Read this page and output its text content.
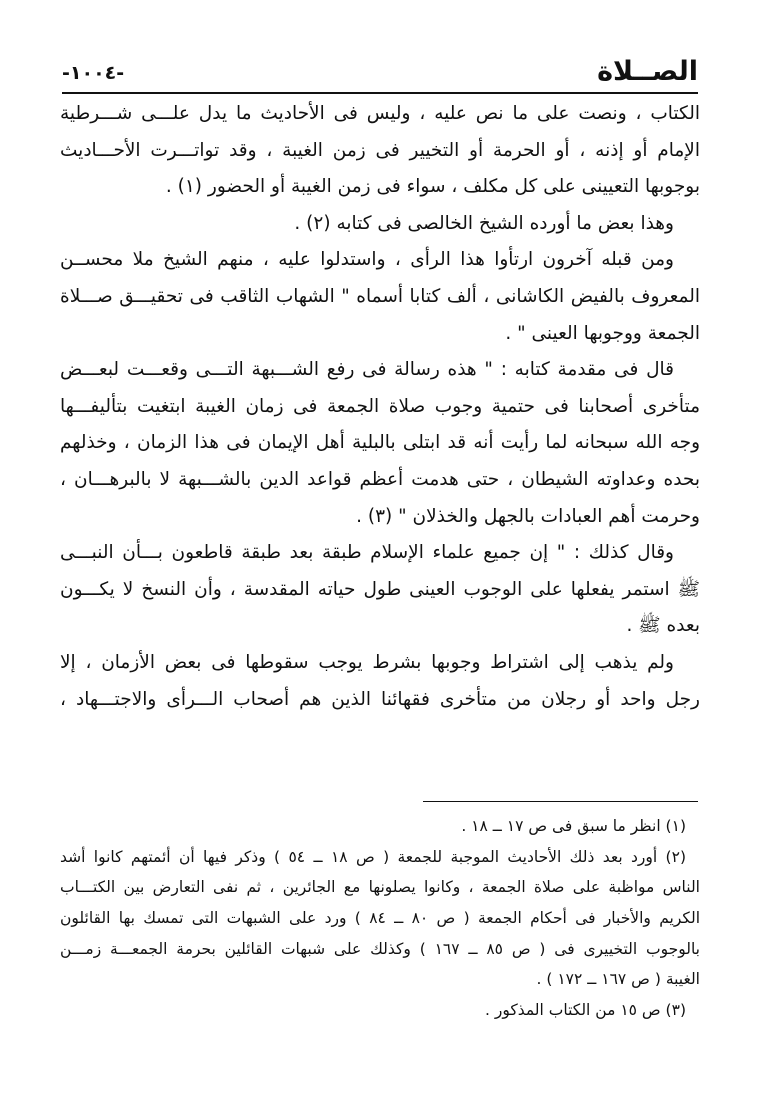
الصــلاة
-١٠٠٤-
الكتاب ، ونصت على ما نص عليه ، وليس فى الأحاديث ما يدل علـــى شـــرطية
الإمام أو إذنه ، أو الحرمة أو التخيير فى زمن الغيبة ، وقد تواتـــرت الأحـــاديث
بوجوبها التعيينى على كل مكلف ، سواء فى زمن الغيبة أو الحضور (١) .
وهذا بعض ما أورده الشيخ الخالصى فى كتابه (٢) .
ومن قبله آخرون ارتأوا هذا الرأى ، واستدلوا عليه ، منهم الشيخ ملا محســن
المعروف بالفيض الكاشانى ، ألف كتابا أسماه " الشهاب الثاقب فى تحقيـــق صـــلاة
الجمعة ووجوبها العينى " .
قال فى مقدمة كتابه : " هذه رسالة فى رفع الشـــبهة التـــى وقعـــت لبعـــض
متأخرى أصحابنا فى حتمية وجوب صلاة الجمعة فى زمان الغيبة ابتغيت بتأليفـــها
وجه الله سبحانه لما رأيت أنه قد ابتلى بالبلية أهل الإيمان فى هذا الزمان ، وخذلهم
بحده وعداوته الشيطان ، حتى هدمت أعظم قواعد الدين بالشـــبهة لا بالبرهـــان ،
وحرمت أهم العبادات بالجهل والخذلان " (٣) .
وقال كذلك : " إن جميع علماء الإسلام طبقة بعد طبقة قاطعون بـــأن النبـــى
ﷺ استمر يفعلها على الوجوب العينى طول حياته المقدسة ، وأن النسخ لا يكـــون
بعده ﷺ .
ولم يذهب إلى اشتراط وجوبها بشرط يوجب سقوطها فى بعض الأزمان ، إلا
رجل واحد أو رجلان من متأخرى فقهائنا الذين هم أصحاب الـــرأى والاجتـــهاد ،
(١) انظر ما سبق فى ص ١٧ ــ ١٨ .
(٢) أورد بعد ذلك الأحاديث الموجبة للجمعة ( ص ١٨ ــ ٥٤ ) وذكر فيها أن أئمتهم كانوا أشد
الناس مواظبة على صلاة الجمعة ، وكانوا يصلونها مع الجائرين ، ثم نفى التعارض بين الكتـــاب
الكريم والأخبار فى أحكام الجمعة ( ص ٨٠ ــ ٨٤ ) ورد على الشبهات التى تمسك بها القائلون
بالوجوب التخييرى فى ( ص ٨٥ ــ ١٦٧ ) وكذلك على شبهات القائلين بحرمة الجمعـــة زمـــن
الغيبة ( ص ١٦٧ ــ ١٧٢ ) .
(٣) ص ١٥ من الكتاب المذكور .
